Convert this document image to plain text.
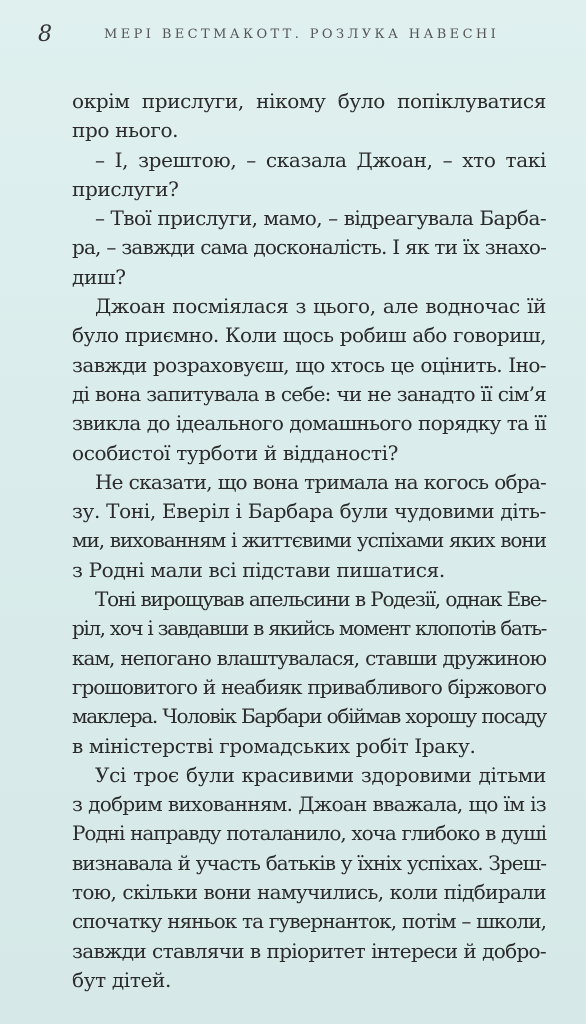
8	МЕРІ ВЕСТМАКОТТ. РОЗЛУКА НАВЕСНІ
окрім прислуги, нікому було попіклуватися
про нього.
– І, зрештою, – сказала Джоан, – хто такі
прислуги?
– Твої прислуги, мамо, – відреагувала Барба-
ра, – завжди сама досконалість. І як ти їх знахо-
диш?
Джоан посміялася з цього, але водночас їй
було приємно. Коли щось робиш або говориш,
завжди розраховуєш, що хтось це оцінить. Іно-
ді вона запитувала в себе: чи не занадто її сім’я
звикла до ідеального домашнього порядку та її
особистої турботи й відданості?
Не сказати, що вона тримала на когось обра-
зу. Тоні, Еверіл і Барбара були чудовими діть-
ми, вихованням і життєвими успіхами яких вони
з Родні мали всі підстави пишатися.
Тоні вирощував апельсини в Родезії, однак Еве-
ріл, хоч і завдавши в якийсь момент клопотів бать-
кам, непогано влаштувалася, ставши дружиною
грошовитого й неабияк привабливого біржового
маклера. Чоловік Барбари обіймав хорошу посаду
в міністерстві громадських робіт Іраку.
Усі троє були красивими здоровими дітьми
з добрим вихованням. Джоан вважала, що їм із
Родні направду поталанило, хоча глибоко в душі
визнавала й участь батьків у їхніх успіхах. Зреш-
тою, скільки вони намучились, коли підбирали
спочатку няньок та гувернанток, потім – школи,
завжди ставлячи в пріоритет інтереси й добро-
бут дітей.
